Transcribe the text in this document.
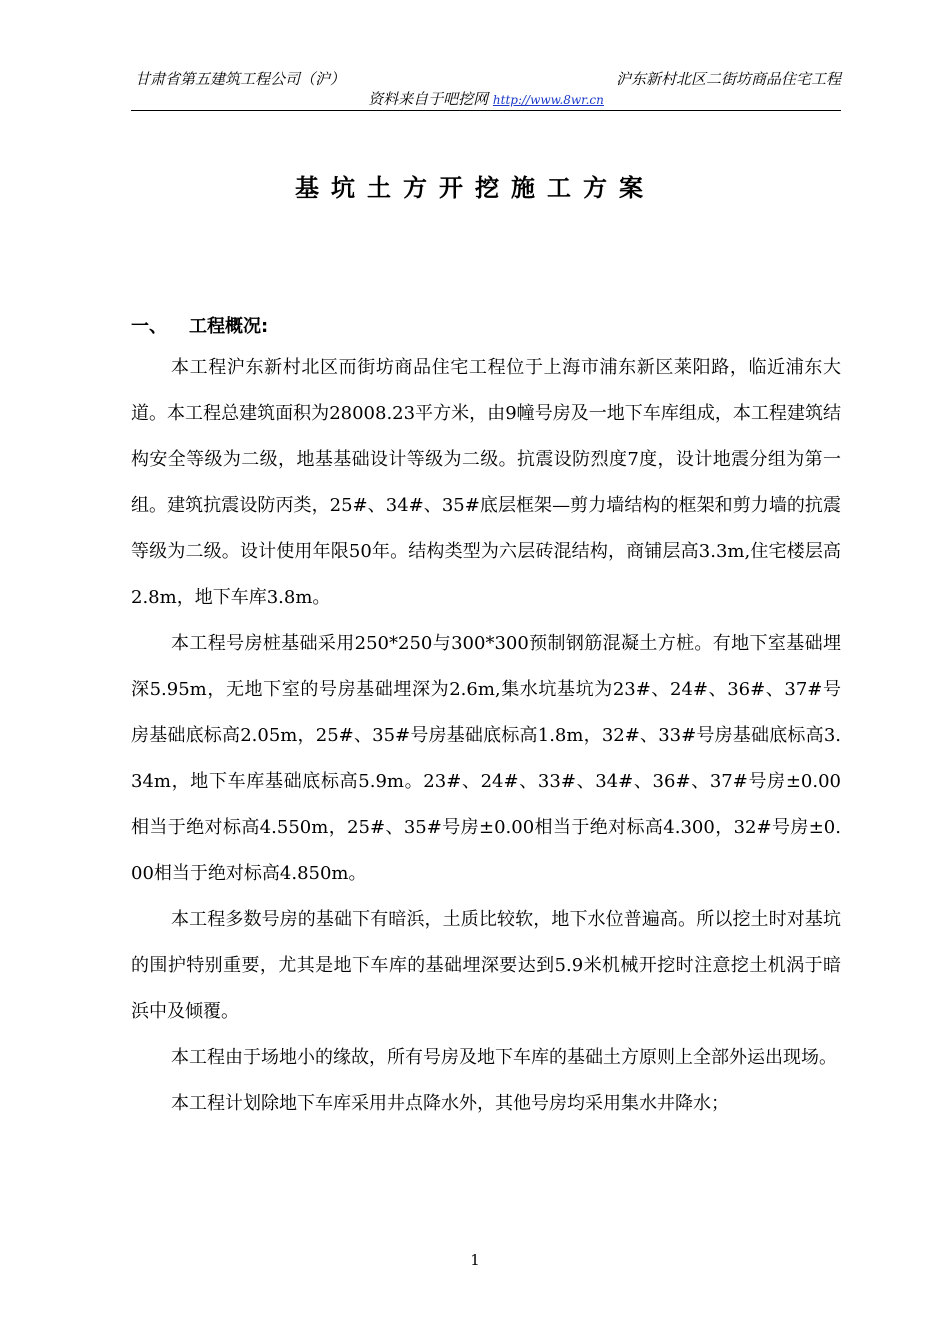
甘肃省第五建筑工程公司（沪）	沪东新村北区二街坊商品住宅工程
资料来自于吧挖网 http://www.8wr.cn
基坑土方开挖施工方案
一、 工程概况:

本工程沪东新村北区而街坊商品住宅工程位于上海市浦东新区莱阳路，临近浦东大道。本工程总建筑面积为28008.23平方米，由9幢号房及一地下车库组成，本工程建筑结构安全等级为二级，地基基础设计等级为二级。抗震设防烈度7度，设计地震分组为第一组。建筑抗震设防丙类，25#、34#、35#底层框架—剪力墙结构的框架和剪力墙的抗震等级为二级。设计使用年限50年。结构类型为六层砖混结构，商铺层高3.3m,住宅楼层高2.8m，地下车库3.8m。

本工程号房桩基础采用250*250与300*300预制钢筋混凝土方桩。有地下室基础埋深5.95m，无地下室的号房基础埋深为2.6m,集水坑基坑为23#、24#、36#、37#号房基础底标高2.05m，25#、35#号房基础底标高1.8m，32#、33#号房基础底标高3.34m，地下车库基础底标高5.9m。23#、24#、33#、34#、36#、37#号房±0.00相当于绝对标高4.550m，25#、35#号房±0.00相当于绝对标高4.300，32#号房±0.00相当于绝对标高4.850m。

本工程多数号房的基础下有暗浜，土质比较软，地下水位普遍高。所以挖土时对基坑的围护特别重要，尤其是地下车库的基础埋深要达到5.9米机械开挖时注意挖土机涡于暗浜中及倾覆。

本工程由于场地小的缘故，所有号房及地下车库的基础土方原则上全部外运出现场。

本工程计划除地下车库采用井点降水外，其他号房均采用集水井降水；

1
